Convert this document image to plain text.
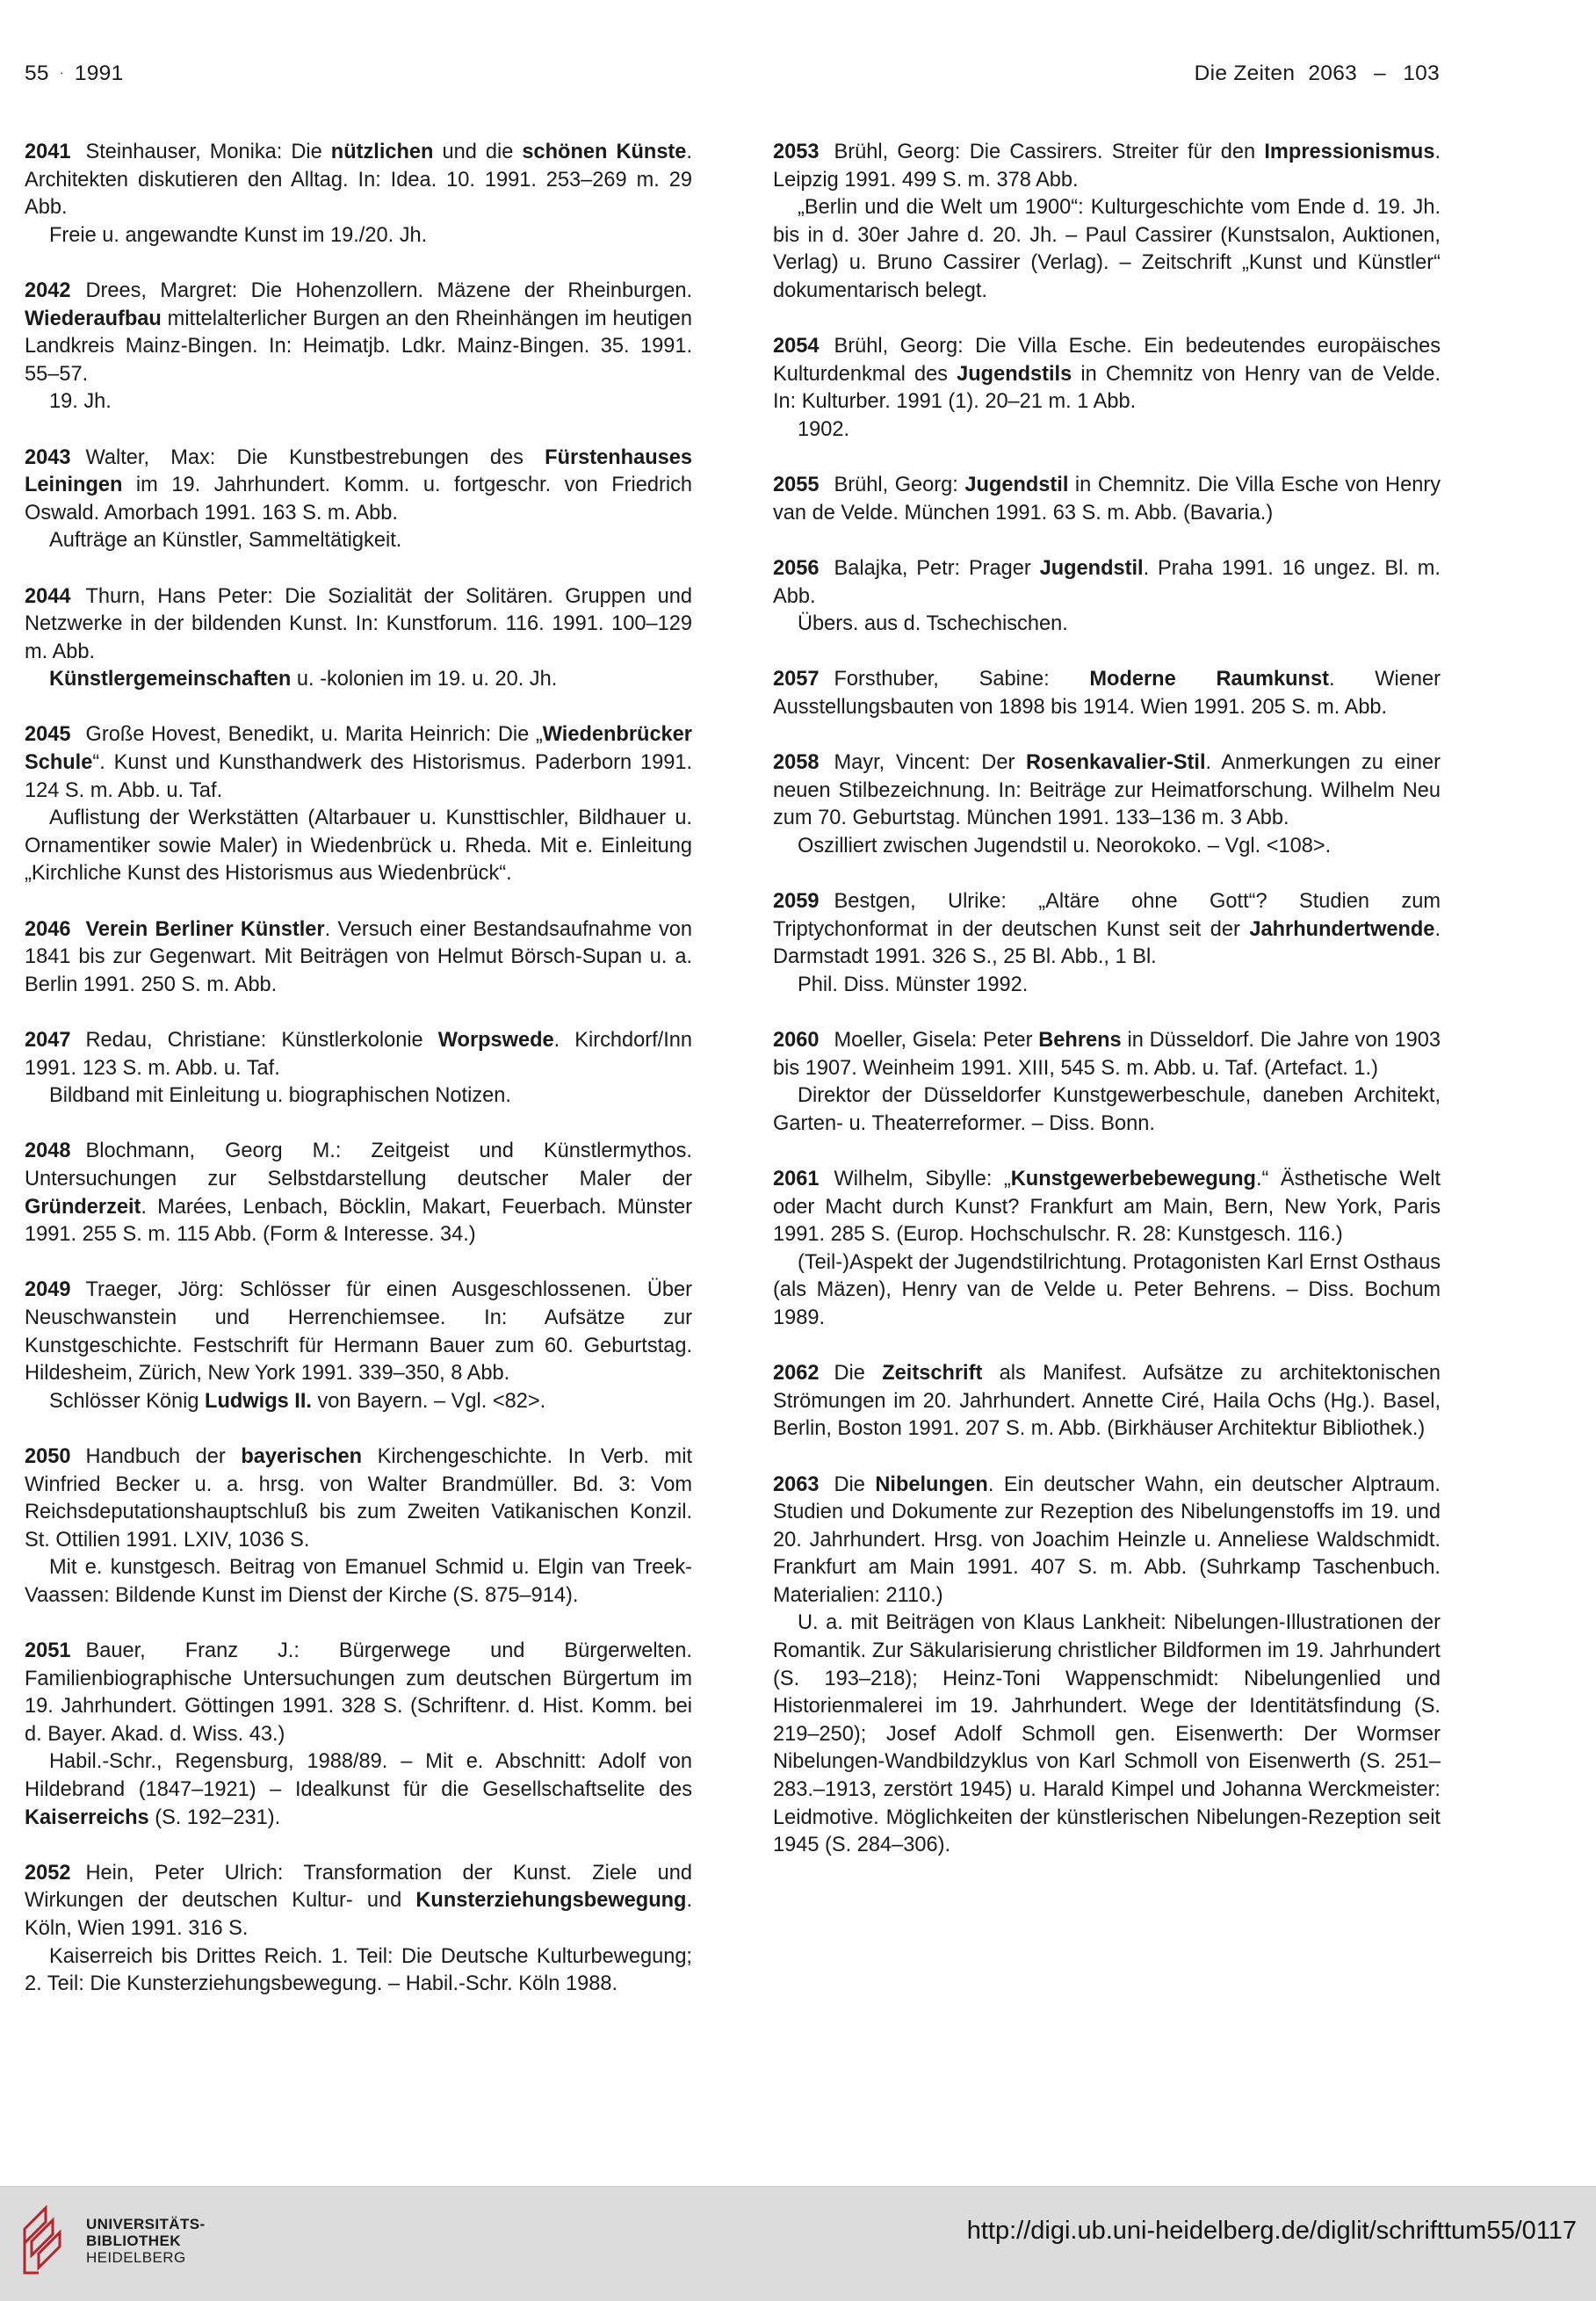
55 · 1991	Die Zeiten 2063 – 103

2041 Steinhauser, Monika: Die nützlichen und die schönen Künste. Architekten diskutieren den Alltag. In: Idea. 10. 1991. 253–269 m. 29 Abb.

Freie u. angewandte Kunst im 19./20. Jh.

2042 Drees, Margret: Die Hohenzollern. Mäzene der Rheinburgen. Wiederaufbau mittelalterlicher Burgen an den Rheinhängen im heutigen Landkreis Mainz-Bingen. In: Heimatjb. Ldkr. Mainz-Bingen. 35. 1991. 55–57.

19. Jh.

2043 Walter, Max: Die Kunstbestrebungen des Fürstenhauses Leiningen im 19. Jahrhundert. Komm. u. fortgeschr. von Friedrich Oswald. Amorbach 1991. 163 S. m. Abb.

Aufträge an Künstler, Sammeltätigkeit.

2044 Thurn, Hans Peter: Die Sozialität der Solitären. Gruppen und Netzwerke in der bildenden Kunst. In: Kunstforum. 116. 1991. 100–129 m. Abb.

Künstlergemeinschaften u. -kolonien im 19. u. 20. Jh.

2045 Große Hovest, Benedikt, u. Marita Heinrich: Die „Wiedenbrücker Schule“. Kunst und Kunsthandwerk des Historismus. Paderborn 1991. 124 S. m. Abb. u. Taf.

Auflistung der Werkstätten (Altarbauer u. Kunsttischler, Bildhauer u. Ornamentiker sowie Maler) in Wiedenbrück u. Rheda. Mit e. Einleitung „Kirchliche Kunst des Historismus aus Wiedenbrück“.

2046 Verein Berliner Künstler. Versuch einer Bestandsaufnahme von 1841 bis zur Gegenwart. Mit Beiträgen von Helmut Börsch-Supan u. a. Berlin 1991. 250 S. m. Abb.

2047 Redau, Christiane: Künstlerkolonie Worpswede. Kirchdorf/Inn 1991. 123 S. m. Abb. u. Taf.

Bildband mit Einleitung u. biographischen Notizen.

2048 Blochmann, Georg M.: Zeitgeist und Künstlermythos. Untersuchungen zur Selbstdarstellung deutscher Maler der Gründerzeit. Marées, Lenbach, Böcklin, Makart, Feuerbach. Münster 1991. 255 S. m. 115 Abb. (Form & Interesse. 34.)

2049 Traeger, Jörg: Schlösser für einen Ausgeschlossenen. Über Neuschwanstein und Herrenchiemsee. In: Aufsätze zur Kunstgeschichte. Festschrift für Hermann Bauer zum 60. Geburtstag. Hildesheim, Zürich, New York 1991. 339–350, 8 Abb.

Schlösser König Ludwigs II. von Bayern. – Vgl. <82>.

2050 Handbuch der bayerischen Kirchengeschichte. In Verb. mit Winfried Becker u. a. hrsg. von Walter Brandmüller. Bd. 3: Vom Reichsdeputationshauptschluß bis zum Zweiten Vatikanischen Konzil. St. Ottilien 1991. LXIV, 1036 S.

Mit e. kunstgesch. Beitrag von Emanuel Schmid u. Elgin van Treek-Vaassen: Bildende Kunst im Dienst der Kirche (S. 875–914).

2051 Bauer, Franz J.: Bürgerwege und Bürgerwelten. Familienbiographische Untersuchungen zum deutschen Bürgertum im 19. Jahrhundert. Göttingen 1991. 328 S. (Schriftenr. d. Hist. Komm. bei d. Bayer. Akad. d. Wiss. 43.)

Habil.-Schr., Regensburg, 1988/89. – Mit e. Abschnitt: Adolf von Hildebrand (1847–1921) – Idealkunst für die Gesellschaftselite des Kaiserreichs (S. 192–231).

2052 Hein, Peter Ulrich: Transformation der Kunst. Ziele und Wirkungen der deutschen Kultur- und Kunsterziehungsbewegung. Köln, Wien 1991. 316 S.

Kaiserreich bis Drittes Reich. 1. Teil: Die Deutsche Kulturbewegung; 2. Teil: Die Kunsterziehungsbewegung. – Habil.-Schr. Köln 1988.

2053 Brühl, Georg: Die Cassirers. Streiter für den Impressionismus. Leipzig 1991. 499 S. m. 378 Abb.

„Berlin und die Welt um 1900“: Kulturgeschichte vom Ende d. 19. Jh. bis in d. 30er Jahre d. 20. Jh. – Paul Cassirer (Kunstsalon, Auktionen, Verlag) u. Bruno Cassirer (Verlag). – Zeitschrift „Kunst und Künstler“ dokumentarisch belegt.

2054 Brühl, Georg: Die Villa Esche. Ein bedeutendes europäisches Kulturdenkmal des Jugendstils in Chemnitz von Henry van de Velde. In: Kulturber. 1991 (1). 20–21 m. 1 Abb.

1902.

2055 Brühl, Georg: Jugendstil in Chemnitz. Die Villa Esche von Henry van de Velde. München 1991. 63 S. m. Abb. (Bavaria.)

2056 Balajka, Petr: Prager Jugendstil. Praha 1991. 16 ungez. Bl. m. Abb.

Übers. aus d. Tschechischen.

2057 Forsthuber, Sabine: Moderne Raumkunst. Wiener Ausstellungsbauten von 1898 bis 1914. Wien 1991. 205 S. m. Abb.

2058 Mayr, Vincent: Der Rosenkavalier-Stil. Anmerkungen zu einer neuen Stilbezeichnung. In: Beiträge zur Heimatforschung. Wilhelm Neu zum 70. Geburtstag. München 1991. 133–136 m. 3 Abb.

Oszilliert zwischen Jugendstil u. Neorokoko. – Vgl. <108>.

2059 Bestgen, Ulrike: „Altäre ohne Gott“? Studien zum Triptychonformat in der deutschen Kunst seit der Jahrhundertwende. Darmstadt 1991. 326 S., 25 Bl. Abb., 1 Bl.

Phil. Diss. Münster 1992.

2060 Moeller, Gisela: Peter Behrens in Düsseldorf. Die Jahre von 1903 bis 1907. Weinheim 1991. XIII, 545 S. m. Abb. u. Taf. (Artefact. 1.)

Direktor der Düsseldorfer Kunstgewerbeschule, daneben Architekt, Garten- u. Theaterreformer. – Diss. Bonn.

2061 Wilhelm, Sibylle: „Kunstgewerbebewegung.“ Ästhetische Welt oder Macht durch Kunst? Frankfurt am Main, Bern, New York, Paris 1991. 285 S. (Europ. Hochschulschr. R. 28: Kunstgesch. 116.)

(Teil-)Aspekt der Jugendstilrichtung. Protagonisten Karl Ernst Osthaus (als Mäzen), Henry van de Velde u. Peter Behrens. – Diss. Bochum 1989.

2062 Die Zeitschrift als Manifest. Aufsätze zu architektonischen Strömungen im 20. Jahrhundert. Annette Ciré, Haila Ochs (Hg.). Basel, Berlin, Boston 1991. 207 S. m. Abb. (Birkhäuser Architektur Bibliothek.)

2063 Die Nibelungen. Ein deutscher Wahn, ein deutscher Alptraum. Studien und Dokumente zur Rezeption des Nibelungenstoffs im 19. und 20. Jahrhundert. Hrsg. von Joachim Heinzle u. Anneliese Waldschmidt. Frankfurt am Main 1991. 407 S. m. Abb. (Suhrkamp Taschenbuch. Materialien: 2110.)

U. a. mit Beiträgen von Klaus Lankheit: Nibelungen-Illustrationen der Romantik. Zur Säkularisierung christlicher Bildformen im 19. Jahrhundert (S. 193–218); Heinz-Toni Wappenschmidt: Nibelungenlied und Historienmalerei im 19. Jahrhundert. Wege der Identitätsfindung (S. 219–250); Josef Adolf Schmoll gen. Eisenwerth: Der Wormser Nibelungen-Wandbildzyklus von Karl Schmoll von Eisenwerth (S. 251–283.–1913, zerstört 1945) u. Harald Kimpel und Johanna Werckmeister: Leidmotive. Möglichkeiten der künstlerischen Nibelungen-Rezeption seit 1945 (S. 284–306).

UNIVERSITÄTS-
BIBLIOTHEK
HEIDELBERG
http://digi.ub.uni-heidelberg.de/diglit/schrifttum55/0117
